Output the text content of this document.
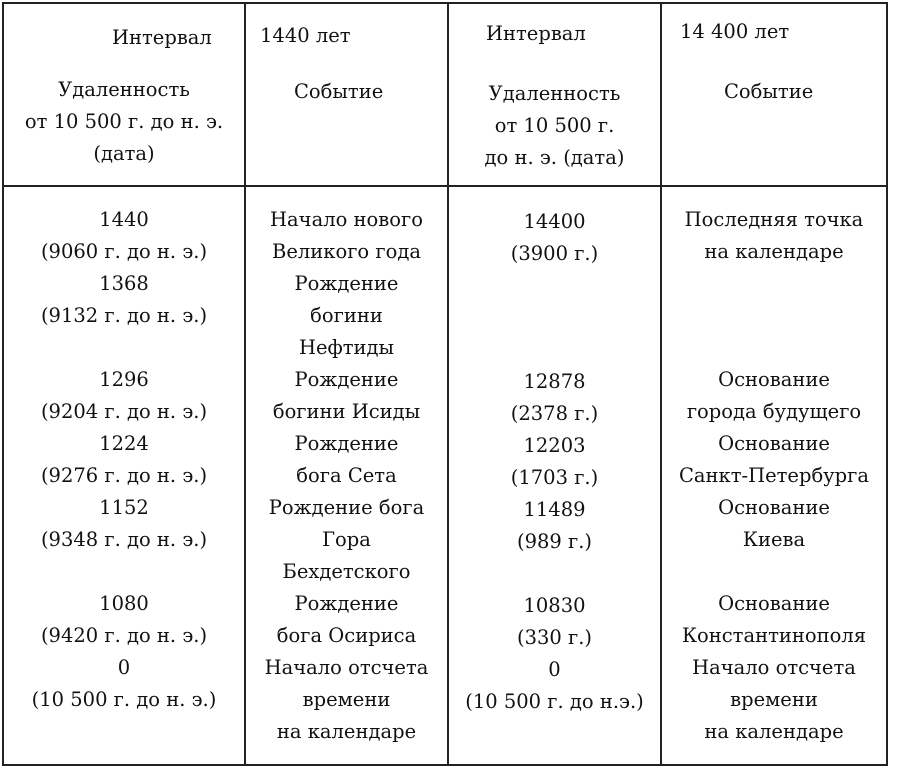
Интервал
Удаленность
от 10 500 г. до н. э.
(дата)
1440 лет
Событие
Интервал
Удаленность
от 10 500 г.
до н. э. (дата)
14 400 лет
Событие
1440
(9060 г. до н. э.)
1368
(9132 г. до н. э.)
1296
(9204 г. до н. э.)
1224
(9276 г. до н. э.)
1152
(9348 г. до н. э.)
1080
(9420 г. до н. э.)
0
(10 500 г. до н. э.)
Начало нового
Великого года
Рождение
богини
Нефтиды
Рождение
богини Исиды
Рождение
бога Сета
Рождение бога
Гора
Бехдетского
Рождение
бога Осириса
Начало отсчета
времени
на календаре
14400
(3900 г.)
12878
(2378 г.)
12203
(1703 г.)
11489
(989 г.)
10830
(330 г.)
0
(10 500 г. до н.э.)
Последняя точка
на календаре
Основание
города будущего
Основание
Санкт-Петербурга
Основание
Киева
Основание
Константинополя
Начало отсчета
времени
на календаре
